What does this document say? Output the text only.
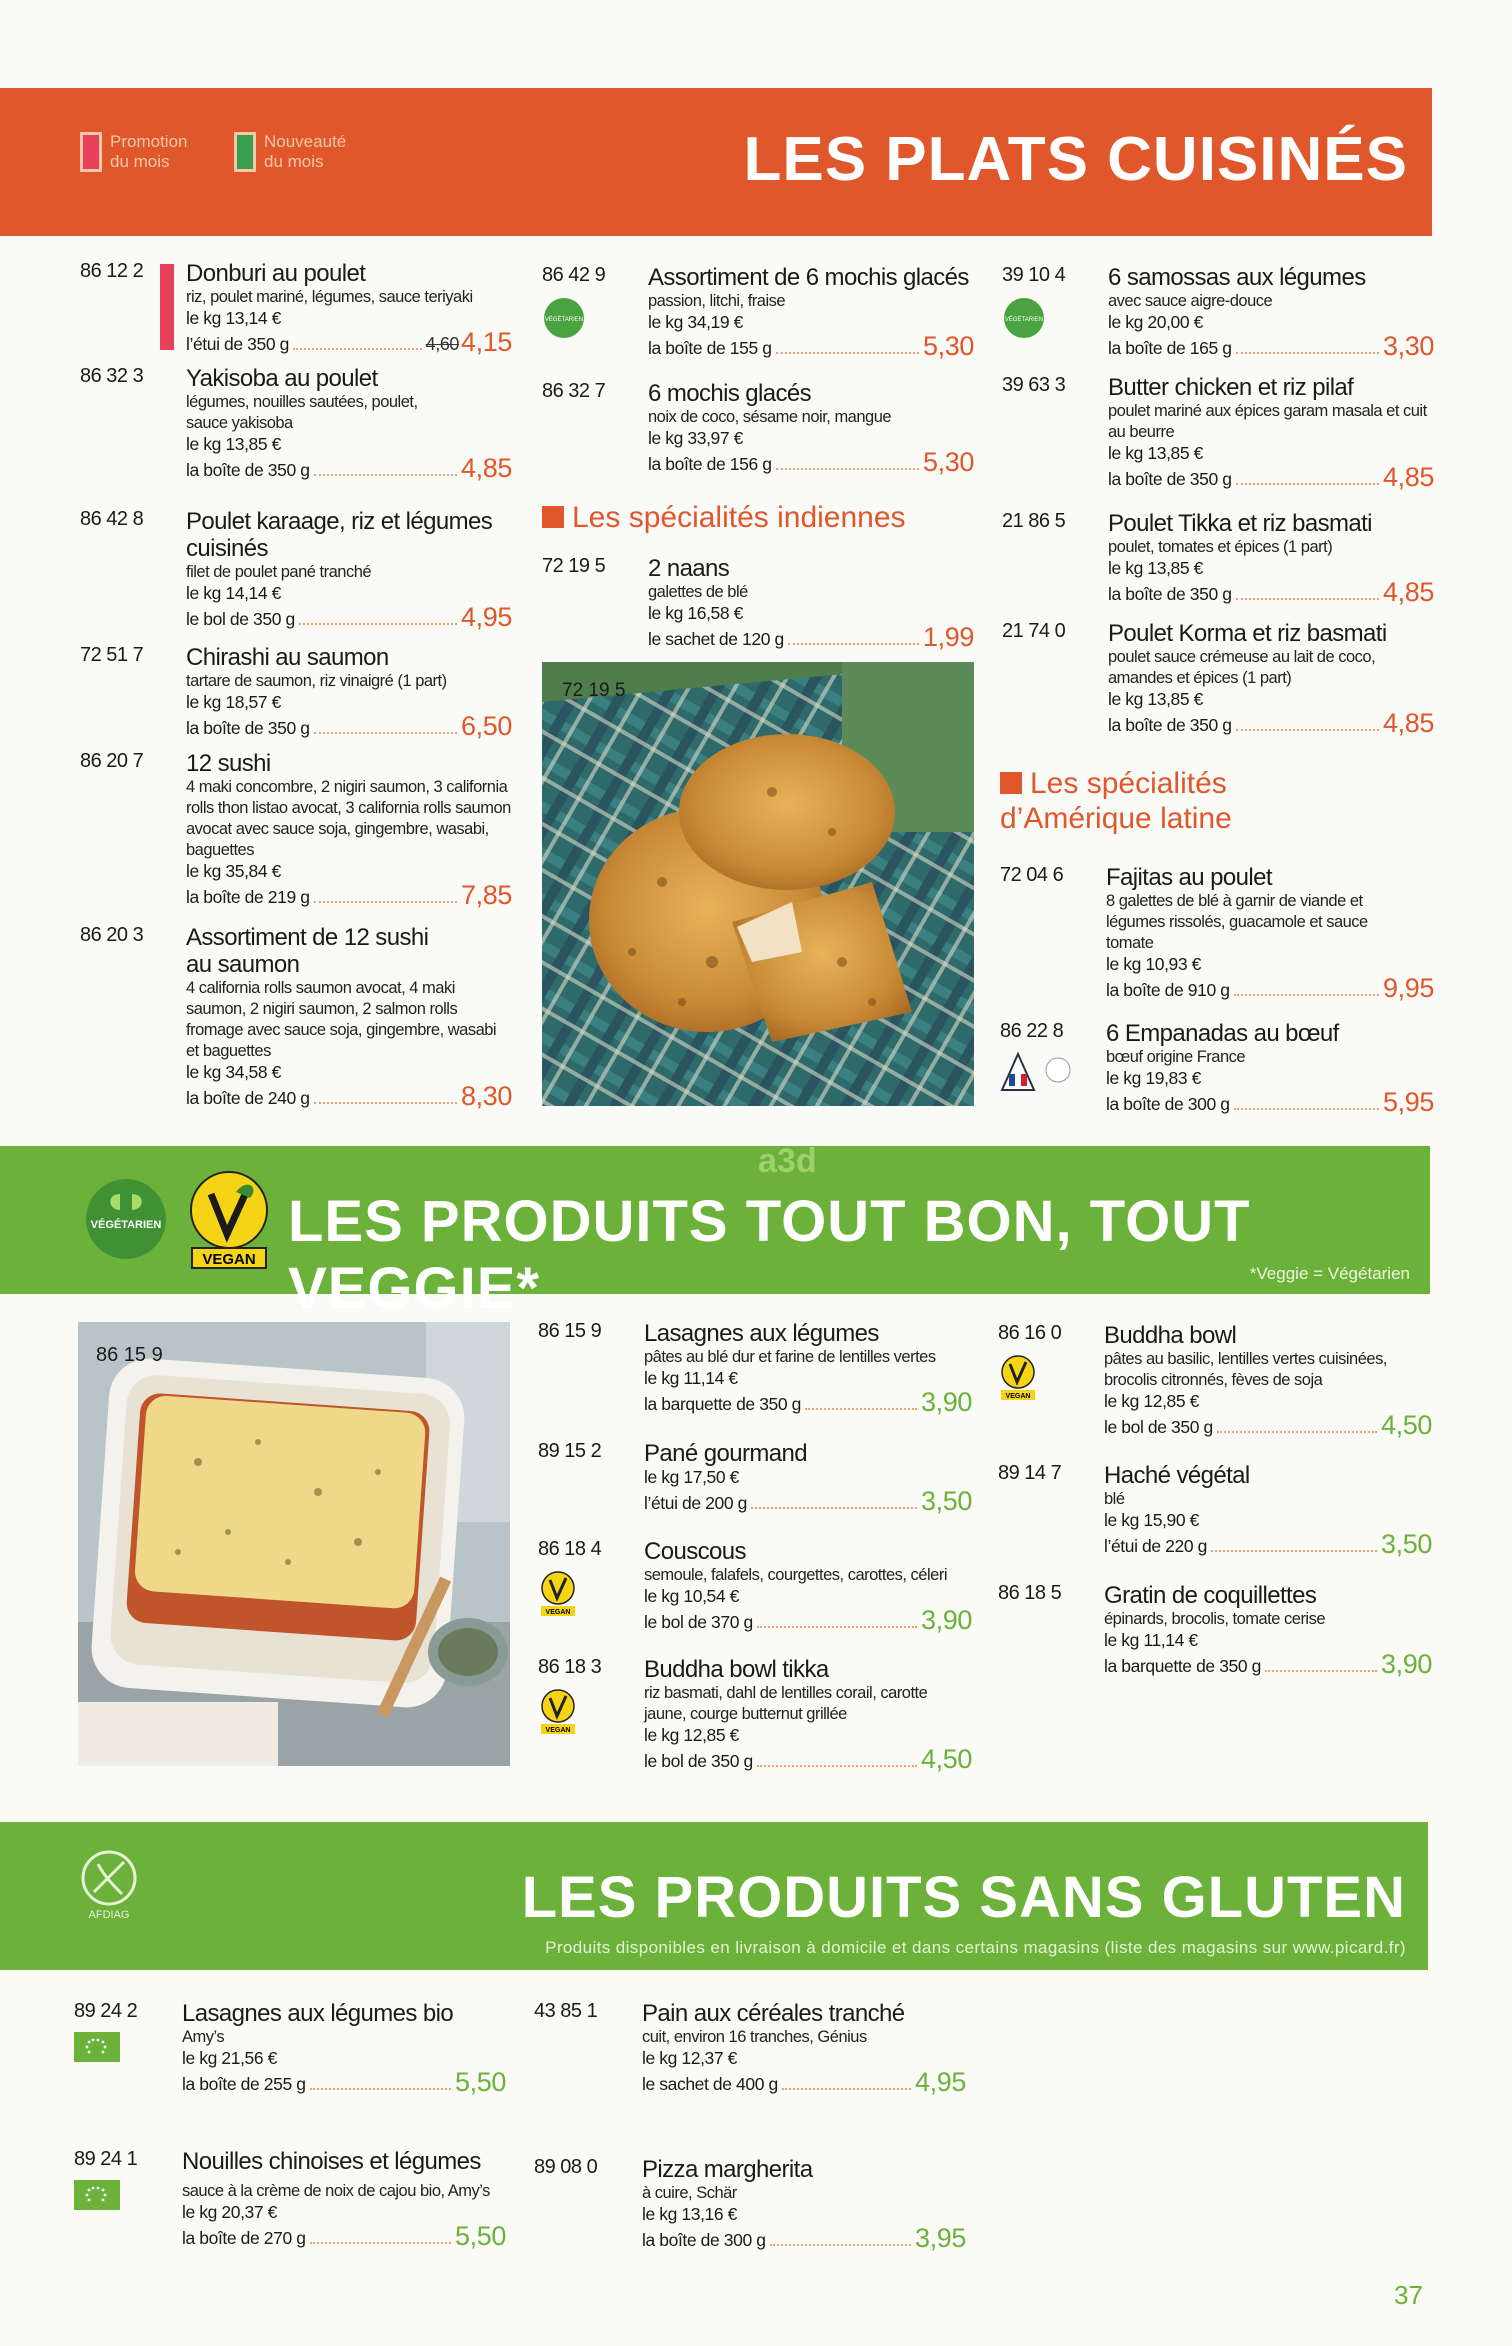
Promotion du mois
Nouveauté du mois	LES PLATS CUISINÉS
86 12 2 Donburi au poulet
riz, poulet mariné, légumes, sauce teriyaki
le kg 13,14 €
l’étui de 350 g	4,60 4,15
86 32 3 Yakisoba au poulet
légumes, nouilles sautées, poulet, sauce yakisoba
le kg 13,85 €
la boîte de 350 g	4,85
86 42 8 Poulet karaage, riz et légumes cuisinés
filet de poulet pané tranché
le kg 14,14 €
le bol de 350 g	4,95
72 51 7 Chirashi au saumon
tartare de saumon, riz vinaigré (1 part)
le kg 18,57 €
la boîte de 350 g	6,50
86 20 7 12 sushi
4 maki concombre, 2 nigiri saumon, 3 california rolls thon listao avocat, 3 california rolls saumon avocat avec sauce soja, gingembre, wasabi, baguettes
le kg 35,84 €
la boîte de 219 g	7,85
86 20 3 Assortiment de 12 sushi au saumon
4 california rolls saumon avocat, 4 maki saumon, 2 nigiri saumon, 2 salmon rolls fromage avec sauce soja, gingembre, wasabi et baguettes
le kg 34,58 €
la boîte de 240 g	8,30
86 42 9
VÉGÉTARIEN
Assortiment de 6 mochis glacés
passion, litchi, fraise
le kg 34,19 €
la boîte de 155 g	5,30
86 32 7 6 mochis glacés
noix de coco, sésame noir, mangue
le kg 33,97 €
la boîte de 156 g	5,30
Les spécialités indiennes
72 19 5 2 naans
galettes de blé
le kg 16,58 €
le sachet de 120 g	1,99
72 19 5
39 10 4
VÉGÉTARIEN
6 samossas aux légumes
avec sauce aigre-douce
le kg 20,00 €
la boîte de 165 g	3,30
39 63 3 Butter chicken et riz pilaf
poulet mariné aux épices garam masala et cuit au beurre
le kg 13,85 €
la boîte de 350 g	4,85
21 86 5 Poulet Tikka et riz basmati
poulet, tomates et épices (1 part)
le kg 13,85 €
la boîte de 350 g	4,85
21 74 0 Poulet Korma et riz basmati
poulet sauce crémeuse au lait de coco, amandes et épices (1 part)
le kg 13,85 €
la boîte de 350 g	4,85
Les spécialités d’Amérique latine
72 04 6 Fajitas au poulet
8 galettes de blé à garnir de viande et légumes rissolés, guacamole et sauce tomate
le kg 10,93 €
la boîte de 910 g	9,95
86 22 8 6 Empanadas au bœuf
bœuf origine France
le kg 19,83 €
la boîte de 300 g	5,95
a3d
VÉGÉTARIEN
VEGAN
LES PRODUITS TOUT BON, TOUT VEGGIE*	*Veggie = Végétarien
86 15 9
86 15 9 Lasagnes aux légumes
pâtes au blé dur et farine de lentilles vertes
le kg 11,14 €
la barquette de 350 g	3,90
89 15 2 Pané gourmand
le kg 17,50 €
l’étui de 200 g	3,50
86 18 4
VEGAN
Couscous
semoule, falafels, courgettes, carottes, céleri
le kg 10,54 €
le bol de 370 g	3,90
86 18 3
VEGAN
Buddha bowl tikka
riz basmati, dahl de lentilles corail, carotte jaune, courge butternut grillée
le kg 12,85 €
le bol de 350 g	4,50
86 16 0
VEGAN
Buddha bowl
pâtes au basilic, lentilles vertes cuisinées, brocolis citronnés, fèves de soja
le kg 12,85 €
le bol de 350 g	4,50
89 14 7 Haché végétal
blé
le kg 15,90 €
l’étui de 220 g	3,50
86 18 5 Gratin de coquillettes
épinards, brocolis, tomate cerise
le kg 11,14 €
la barquette de 350 g	3,90
AFDIAG	LES PRODUITS SANS GLUTEN
Produits disponibles en livraison à domicile et dans certains magasins (liste des magasins sur www.picard.fr)
89 24 2 Lasagnes aux légumes bio
Amy’s
le kg 21,56 €
la boîte de 255 g	5,50
89 24 1 Nouilles chinoises et légumes
sauce à la crème de noix de cajou bio, Amy’s
le kg 20,37 €
la boîte de 270 g	5,50
43 85 1 Pain aux céréales tranché
cuit, environ 16 tranches, Génius
le kg 12,37 €
le sachet de 400 g	4,95
89 08 0 Pizza margherita
à cuire, Schär
le kg 13,16 €
la boîte de 300 g	3,95
37
